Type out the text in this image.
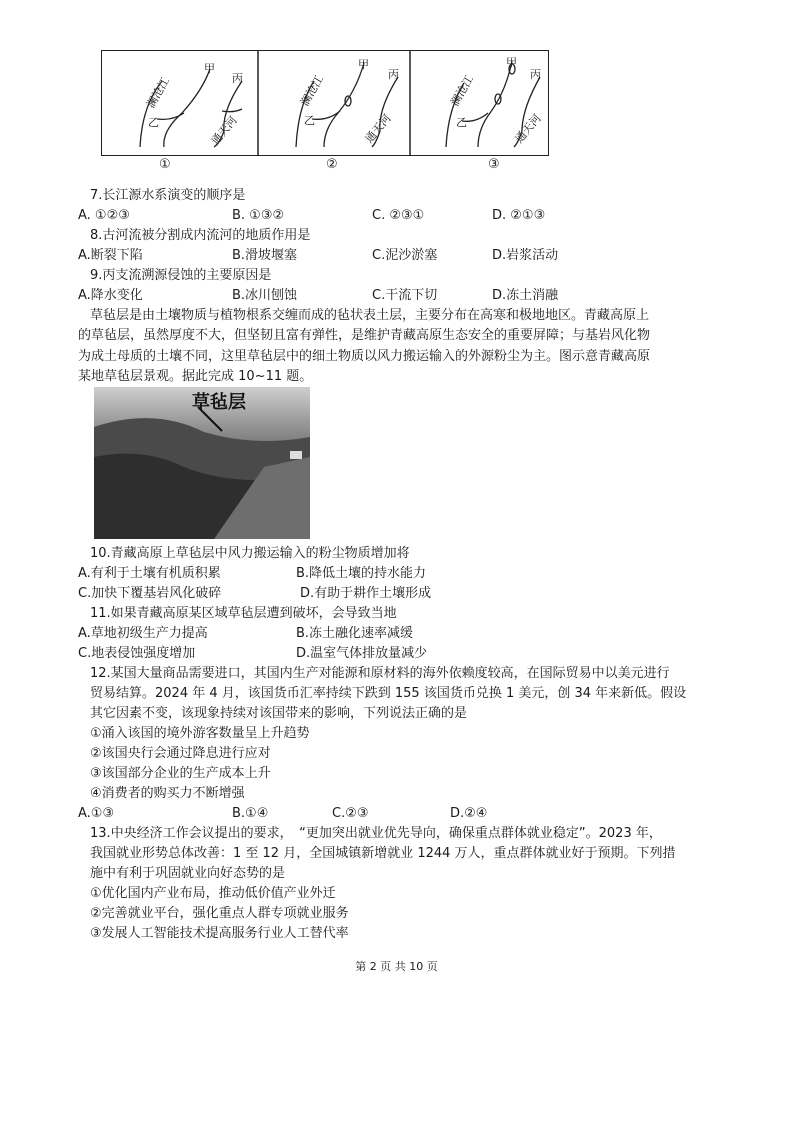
澜沧江
甲
丙
乙	通天河
澜沧江
甲
丙
乙	通天河
澜沧江
甲
丙
乙	通天河
①	②	③
7.长江源水系演变的顺序是
A. ①②③	B. ①③②	C. ②③①	D. ②①③
8.古河流被分割成内流河的地质作用是
A.断裂下陷	B.滑坡堰塞	C.泥沙淤塞	D.岩浆活动
9.丙支流溯源侵蚀的主要原因是
A.降水变化	B.冰川刨蚀	C.干流下切	D.冻土消融
草毡层是由土壤物质与植物根系交缠而成的毡状表土层，主要分布在高寒和极地地区。青藏高原上
的草毡层，虽然厚度不大，但坚韧且富有弹性，是维护青藏高原生态安全的重要屏障；与基岩风化物
为成土母质的土壤不同，这里草毡层中的细土物质以风力搬运输入的外源粉尘为主。图示意青藏高原
某地草毡层景观。据此完成 10~11 题。
草毡层
10.青藏高原上草毡层中风力搬运输入的粉尘物质增加将
A.有利于土壤有机质积累	B.降低土壤的持水能力
C.加快下覆基岩风化破碎	D.有助于耕作土壤形成
11.如果青藏高原某区域草毡层遭到破坏，会导致当地
A.草地初级生产力提高	B.冻土融化速率减缓
C.地表侵蚀强度增加	D.温室气体排放量减少
12.某国大量商品需要进口，其国内生产对能源和原材料的海外依赖度较高，在国际贸易中以美元进行
贸易结算。2024 年 4 月，该国货币汇率持续下跌到 155 该国货币兑换 1 美元，创 34 年来新低。假设
其它因素不变，该现象持续对该国带来的影响，下列说法正确的是
①涌入该国的境外游客数量呈上升趋势
②该国央行会通过降息进行应对
③该国部分企业的生产成本上升
④消费者的购买力不断增强
A.①③	B.①④	C.②③	D.②④
13.中央经济工作会议提出的要求，　“更加突出就业优先导向，确保重点群体就业稳定”。2023 年，
我国就业形势总体改善：1 至 12 月，全国城镇新增就业 1244 万人，重点群体就业好于预期。下列措
施中有利于巩固就业向好态势的是
①优化国内产业布局，推动低价值产业外迁
②完善就业平台，强化重点人群专项就业服务
③发展人工智能技术提高服务行业人工替代率
第 2 页 共 10 页
